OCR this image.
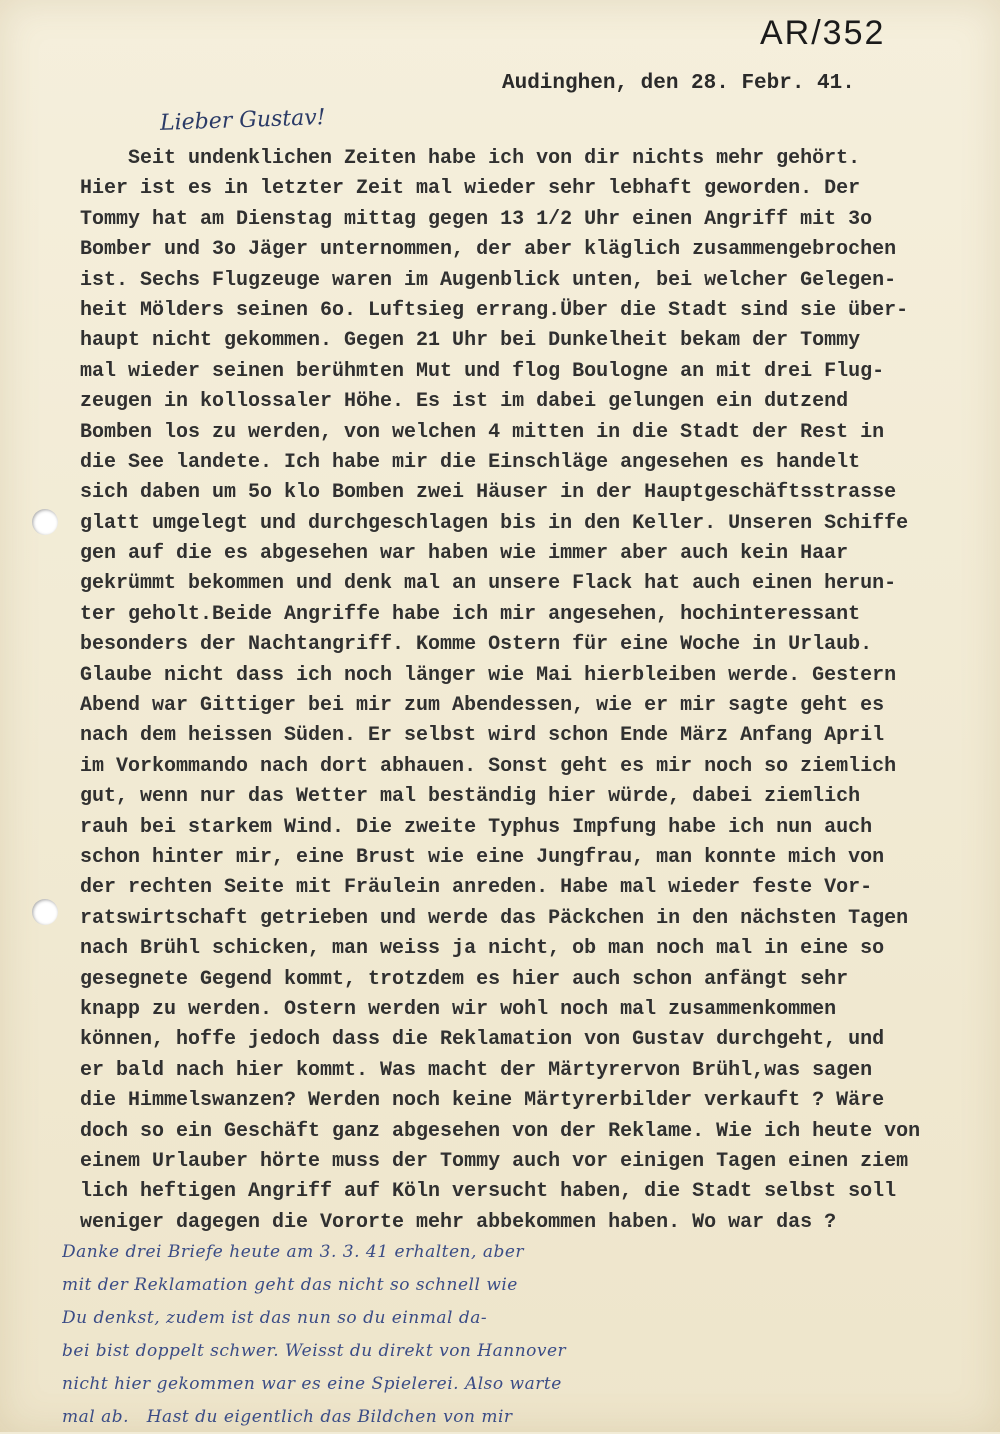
AR/352
Audinghen, den 28. Febr. 41.
Lieber Gustav!
Seit undenklichen Zeiten habe ich von dir nichts mehr gehört.
Hier ist es in letzter Zeit mal wieder sehr lebhaft geworden. Der
Tommy hat am Dienstag mittag gegen 13 1/2 Uhr einen Angriff mit 3o
Bomber und 3o Jäger unternommen, der aber kläglich zusammengebrochen
ist. Sechs Flugzeuge waren im Augenblick unten, bei welcher Gelegen-
heit Mölders seinen 6o. Luftsieg errang.Über die Stadt sind sie über-
haupt nicht gekommen. Gegen 21 Uhr bei Dunkelheit bekam der Tommy
mal wieder seinen berühmten Mut und flog Boulogne an mit drei Flug-
zeugen in kollossaler Höhe. Es ist im dabei gelungen ein dutzend
Bomben los zu werden, von welchen 4 mitten in die Stadt der Rest in
die See landete. Ich habe mir die Einschläge angesehen es handelt
sich daben um 5o klo Bomben zwei Häuser in der Hauptgeschäftsstrasse
glatt umgelegt und durchgeschlagen bis in den Keller. Unseren Schiffe
gen auf die es abgesehen war haben wie immer aber auch kein Haar
gekrümmt bekommen und denk mal an unsere Flack hat auch einen herun-
ter geholt.Beide Angriffe habe ich mir angesehen, hochinteressant
besonders der Nachtangriff. Komme Ostern für eine Woche in Urlaub.
Glaube nicht dass ich noch länger wie Mai hierbleiben werde. Gestern
Abend war Gittiger bei mir zum Abendessen, wie er mir sagte geht es
nach dem heissen Süden. Er selbst wird schon Ende März Anfang April
im Vorkommando nach dort abhauen. Sonst geht es mir noch so ziemlich
gut, wenn nur das Wetter mal beständig hier würde, dabei ziemlich
rauh bei starkem Wind. Die zweite Typhus Impfung habe ich nun auch
schon hinter mir, eine Brust wie eine Jungfrau, man konnte mich von
der rechten Seite mit Fräulein anreden. Habe mal wieder feste Vor-
ratswirtschaft getrieben und werde das Päckchen in den nächsten Tagen
nach Brühl schicken, man weiss ja nicht, ob man noch mal in eine so
gesegnete Gegend kommt, trotzdem es hier auch schon anfängt sehr
knapp zu werden. Ostern werden wir wohl noch mal zusammenkommen
können, hoffe jedoch dass die Reklamation von Gustav durchgeht, und
er bald nach hier kommt. Was macht der Märtyrervon Brühl,was sagen
die Himmelswanzen? Werden noch keine Märtyrerbilder verkauft ? Wäre
doch so ein Geschäft ganz abgesehen von der Reklame. Wie ich heute von
einem Urlauber hörte muss der Tommy auch vor einigen Tagen einen ziem
lich heftigen Angriff auf Köln versucht haben, die Stadt selbst soll
weniger dagegen die Vororte mehr abbekommen haben. Wo war das ?
Danke drei Briefe heute am 3. 3. 41 erhalten, aber
mit der Reklamation geht das nicht so schnell wie
Du denkst, zudem ist das nun so du einmal da-
bei bist doppelt schwer. Weisst du direkt von Hannover
nicht hier gekommen war es eine Spielerei. Also warte
mal ab.   Hast du eigentlich das Bildchen von mir
